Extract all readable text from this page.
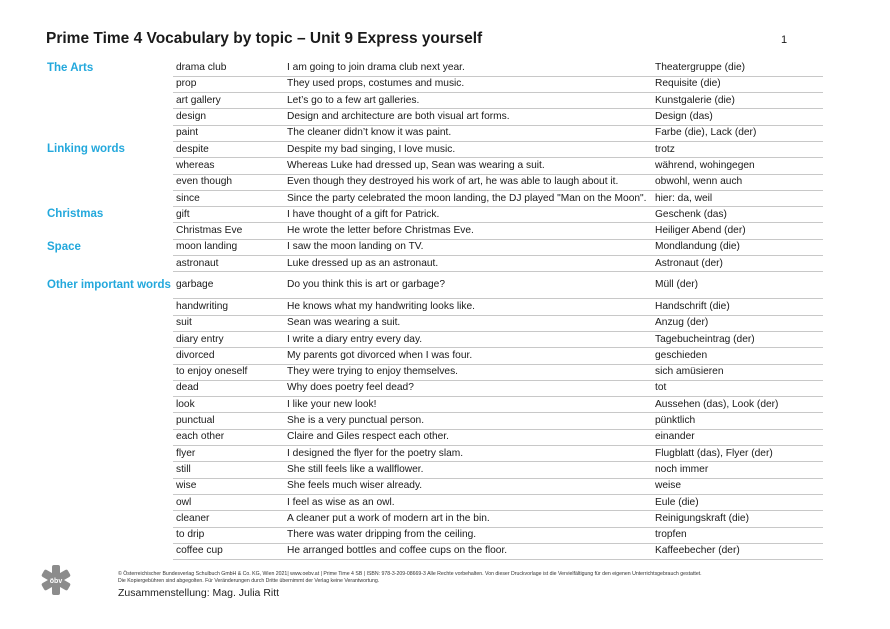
Prime Time 4 Vocabulary by topic – Unit 9 Express yourself	1
The Arts	drama club	I am going to join drama club next year.	Theatergruppe (die)
	prop	They used props, costumes and music.	Requisite (die)
	art gallery	Let’s go to a few art galleries.	Kunstgalerie (die)
	design	Design and architecture are both visual art forms.	Design (das)
	paint	The cleaner didn’t know it was paint.	Farbe (die), Lack (der)
Linking words	despite	Despite my bad singing, I love music.	trotz
	whereas	Whereas Luke had dressed up, Sean was wearing a suit.	während, wohingegen
	even though	Even though they destroyed his work of art, he was able to laugh about it.	obwohl, wenn auch
	since	Since the party celebrated the moon landing, the DJ played "Man on the Moon".	hier: da, weil
Christmas	gift	I have thought of a gift for Patrick.	Geschenk (das)
	Christmas Eve	He wrote the letter before Christmas Eve.	Heiliger Abend (der)
Space	moon landing	I saw the moon landing on TV.	Mondlandung (die)
	astronaut	Luke dressed up as an astronaut.	Astronaut (der)
Other important words	garbage	Do you think this is art or garbage?	Müll (der)
	handwriting	He knows what my handwriting looks like.	Handschrift (die)
	suit	Sean was wearing a suit.	Anzug (der)
	diary entry	I write a diary entry every day.	Tagebucheintrag (der)
	divorced	My parents got divorced when I was four.	geschieden
	to enjoy oneself	They were trying to enjoy themselves.	sich amüsieren
	dead	Why does poetry feel dead?	tot
	look	I like your new look!	Aussehen (das), Look (der)
	punctual	She is a very punctual person.	pünktlich
	each other	Claire and Giles respect each other.	einander
	flyer	I designed the flyer for the poetry slam.	Flugblatt (das), Flyer (der)
	still	She still feels like a wallflower.	noch immer
	wise	She feels much wiser already.	weise
	owl	I feel as wise as an owl.	Eule (die)
	cleaner	A cleaner put a work of modern art in the bin.	Reinigungskraft (die)
	to drip	There was water dripping from the ceiling.	tropfen
	coffee cup	He arranged bottles and coffee cups on the floor.	Kaffeebecher (der)
öbv
© Österreichischer Bundesverlag Schulbuch GmbH & Co. KG, Wien 2021| www.oebv.at | Prime Time 4 SB | ISBN: 978-3-209-08669-3 Alle Rechte vorbehalten. Von dieser Druckvorlage ist die Vervielfältigung für den eigenen Unterrichtsgebrauch gestattet.
Die Kopiergebühren sind abgegolten. Für Veränderungen durch Dritte übernimmt der Verlag keine Verantwortung.
Zusammenstellung: Mag. Julia Ritt
